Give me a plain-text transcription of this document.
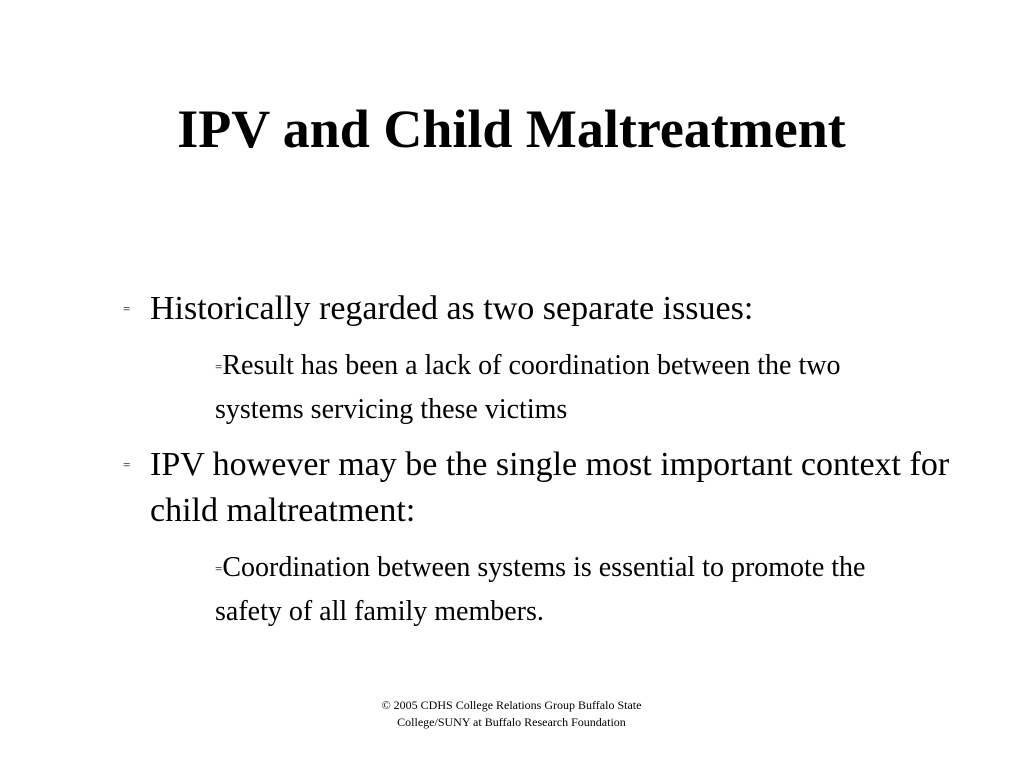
IPV and Child Maltreatment
= Historically regarded as two separate issues:
=Result has been a lack of coordination between the two systems servicing these victims
= IPV however may be the single most important context for child maltreatment:
=Coordination between systems is essential to promote the safety of all family members.
© 2005 CDHS College Relations Group Buffalo State
College/SUNY at Buffalo Research Foundation
